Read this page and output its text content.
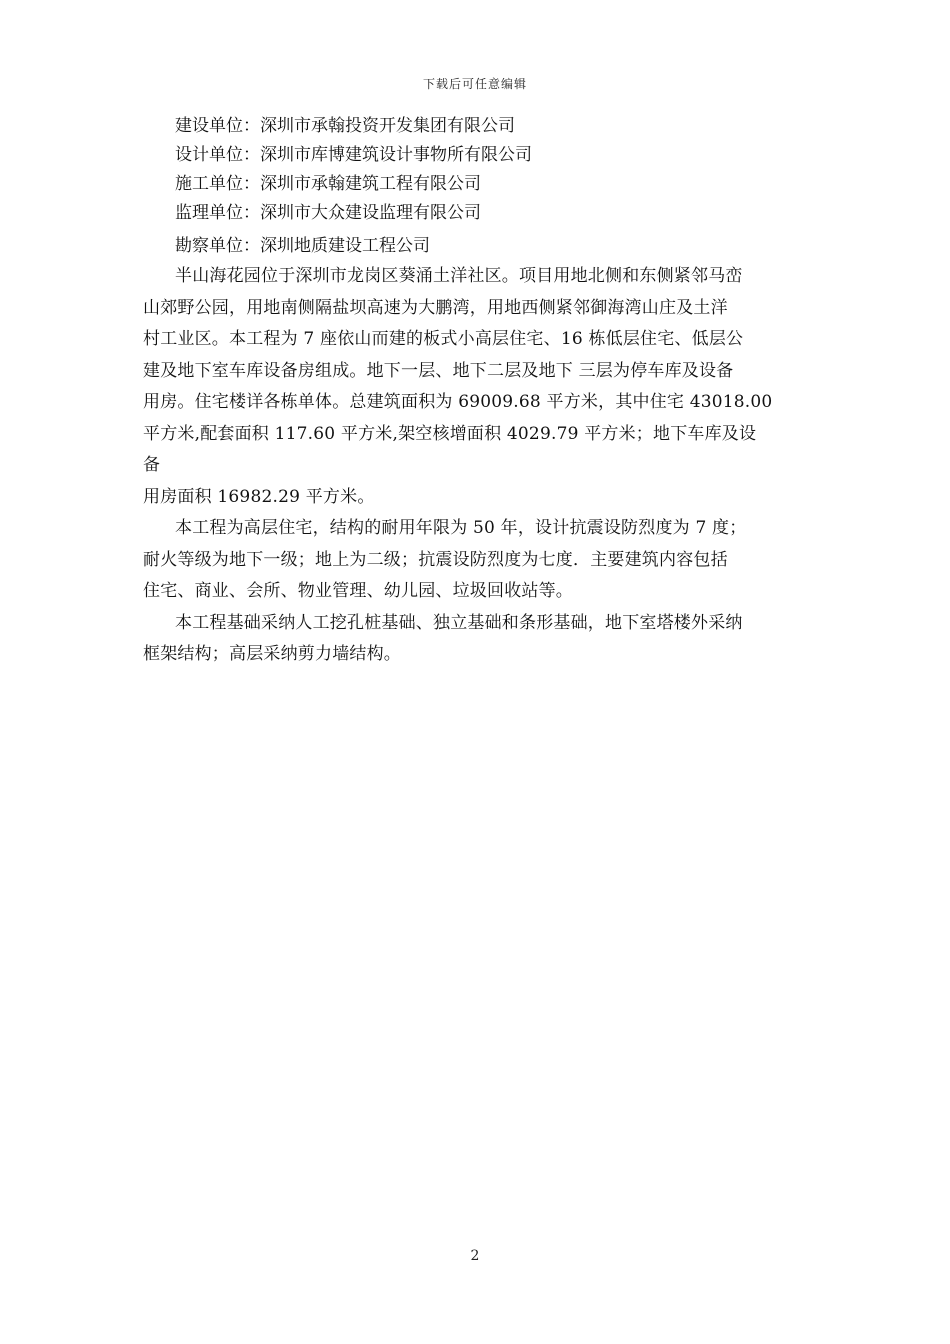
下载后可任意编辑
建设单位：深圳市承翰投资开发集团有限公司
设计单位：深圳市库博建筑设计事物所有限公司
施工单位：深圳市承翰建筑工程有限公司
监理单位：深圳市大众建设监理有限公司
勘察单位：深圳地质建设工程公司

半山海花园位于深圳市龙岗区葵涌土洋社区。项目用地北侧和东侧紧邻马峦
山郊野公园，用地南侧隔盐坝高速为大鹏湾，用地西侧紧邻御海湾山庄及土洋
村工业区。本工程为 7 座依山而建的板式小高层住宅、16 栋低层住宅、低层公
建及地下室车库设备房组成。地下一层、地下二层及地下 三层为停车库及设备
用房。住宅楼详各栋单体。总建筑面积为 69009.68 平方米，其中住宅 43018.00
平方米,配套面积 117.60 平方米,架空核增面积 4029.79 平方米；地下车库及设
备
用房面积 16982.29 平方米。

本工程为高层住宅，结构的耐用年限为 50 年，设计抗震设防烈度为 7 度；
耐火等级为地下一级；地上为二级；抗震设防烈度为七度．主要建筑内容包括
住宅、商业、会所、物业管理、幼儿园、垃圾回收站等。

本工程基础采纳人工挖孔桩基础、独立基础和条形基础，地下室塔楼外采纳
框架结构；高层采纳剪力墙结构。

2
